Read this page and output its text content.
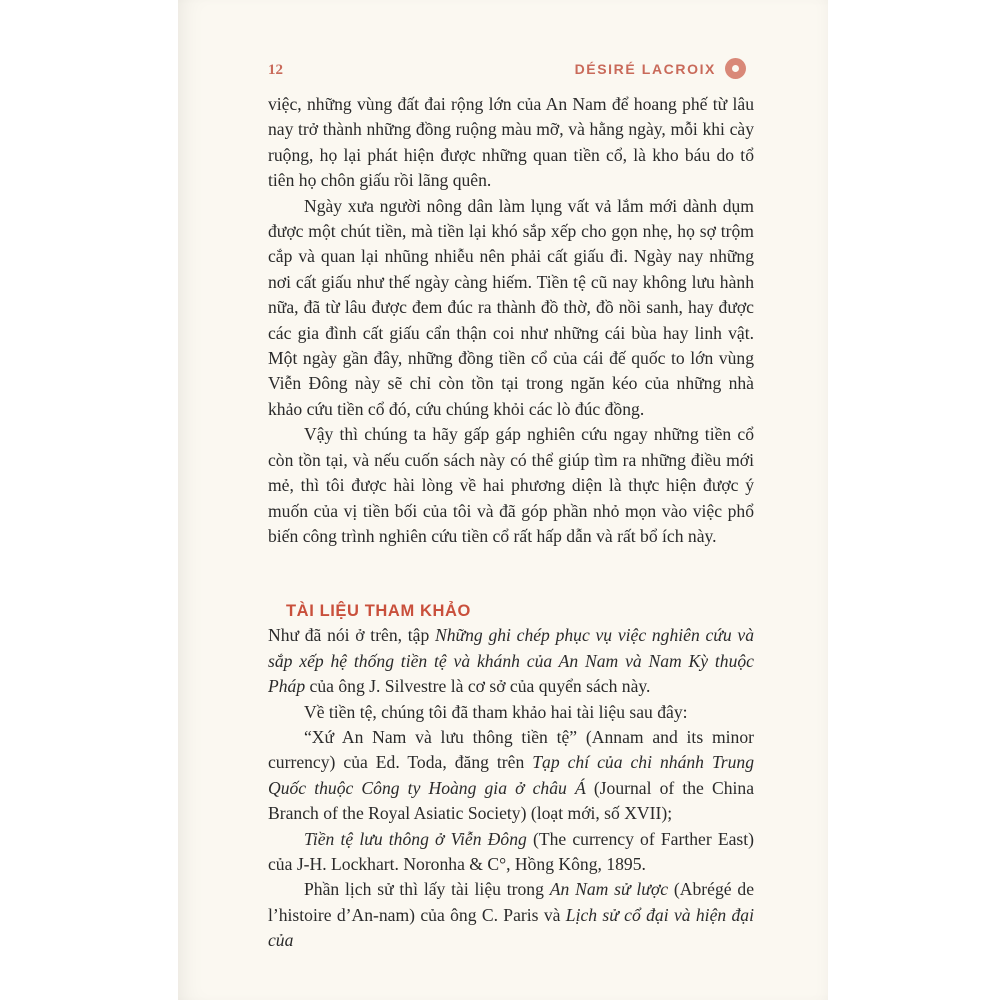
12	DÉSIRÉ LACROIX

việc, những vùng đất đai rộng lớn của An Nam để hoang phế từ lâu nay trở thành những đồng ruộng màu mỡ, và hằng ngày, mỗi khi cày ruộng, họ lại phát hiện được những quan tiền cổ, là kho báu do tổ tiên họ chôn giấu rồi lãng quên.

Ngày xưa người nông dân làm lụng vất vả lắm mới dành dụm được một chút tiền, mà tiền lại khó sắp xếp cho gọn nhẹ, họ sợ trộm cắp và quan lại nhũng nhiễu nên phải cất giấu đi. Ngày nay những nơi cất giấu như thế ngày càng hiếm. Tiền tệ cũ nay không lưu hành nữa, đã từ lâu được đem đúc ra thành đồ thờ, đồ nồi sanh, hay được các gia đình cất giấu cẩn thận coi như những cái bùa hay linh vật. Một ngày gần đây, những đồng tiền cổ của cái đế quốc to lớn vùng Viễn Đông này sẽ chỉ còn tồn tại trong ngăn kéo của những nhà khảo cứu tiền cổ đó, cứu chúng khỏi các lò đúc đồng.

Vậy thì chúng ta hãy gấp gáp nghiên cứu ngay những tiền cổ còn tồn tại, và nếu cuốn sách này có thể giúp tìm ra những điều mới mẻ, thì tôi được hài lòng về hai phương diện là thực hiện được ý muốn của vị tiền bối của tôi và đã góp phần nhỏ mọn vào việc phổ biến công trình nghiên cứu tiền cổ rất hấp dẫn và rất bổ ích này.

TÀI LIỆU THAM KHẢO

Như đã nói ở trên, tập Những ghi chép phục vụ việc nghiên cứu và sắp xếp hệ thống tiền tệ và khánh của An Nam và Nam Kỳ thuộc Pháp của ông J. Silvestre là cơ sở của quyển sách này.

Về tiền tệ, chúng tôi đã tham khảo hai tài liệu sau đây:

“Xứ An Nam và lưu thông tiền tệ” (Annam and its minor currency) của Ed. Toda, đăng trên Tạp chí của chi nhánh Trung Quốc thuộc Công ty Hoàng gia ở châu Á (Journal of the China Branch of the Royal Asiatic Society) (loạt mới, số XVII);

Tiền tệ lưu thông ở Viễn Đông (The currency of Farther East) của J-H. Lockhart. Noronha & C°, Hồng Kông, 1895.

Phần lịch sử thì lấy tài liệu trong An Nam sử lược (Abrégé de l’histoire d’An-nam) của ông C. Paris và Lịch sử cổ đại và hiện đại của
